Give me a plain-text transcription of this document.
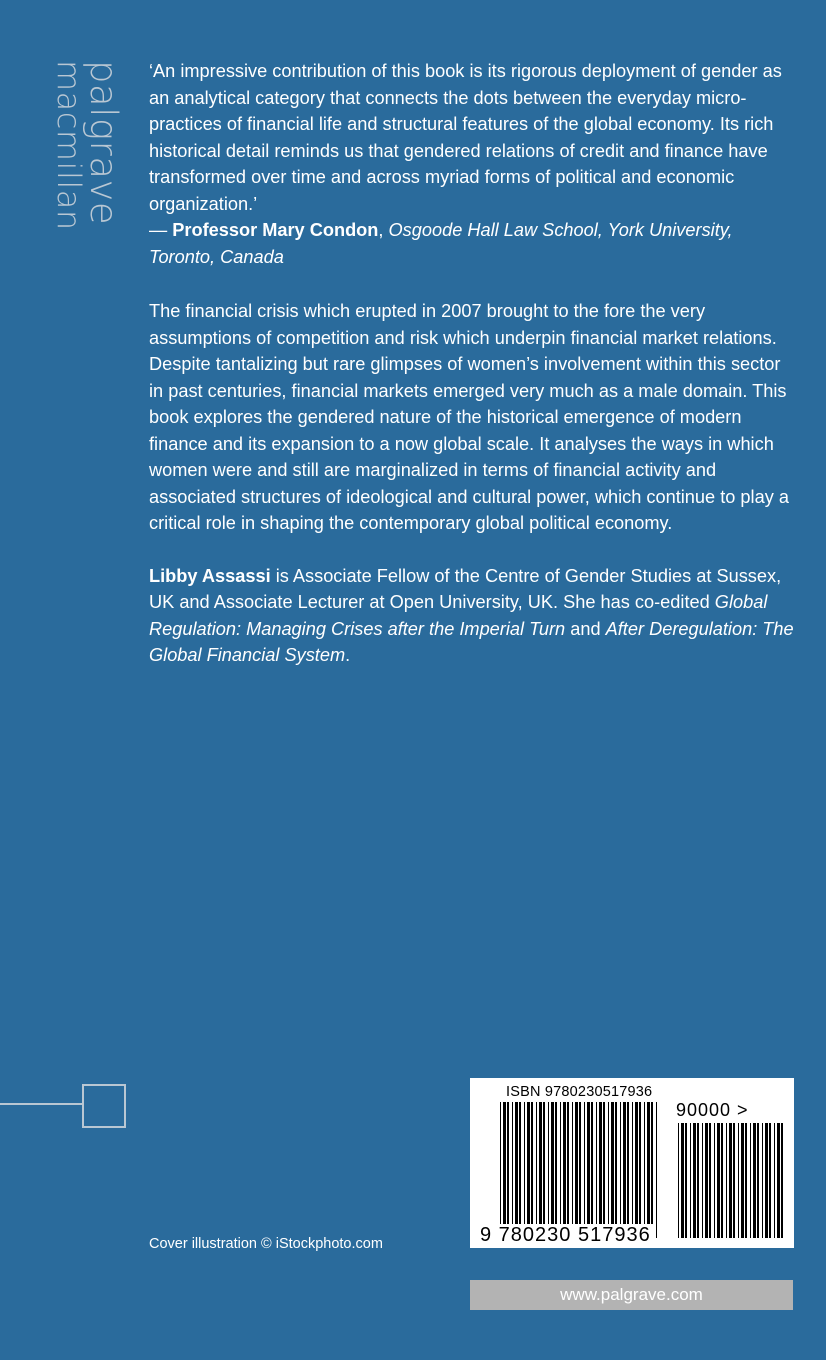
palgrave
macmillan	‘An impressive contribution of this book is its rigorous deployment of gender as an analytical category that connects the dots between the everyday micro-practices of financial life and structural features of the global economy. Its rich historical detail reminds us that gendered relations of credit and finance have transformed over time and across myriad forms of political and economic organization.’
— Professor Mary Condon, Osgoode Hall Law School, York University, Toronto, Canada

The financial crisis which erupted in 2007 brought to the fore the very assumptions of competition and risk which underpin financial market relations. Despite tantalizing but rare glimpses of women’s involvement within this sector in past centuries, financial markets emerged very much as a male domain. This book explores the gendered nature of the historical emergence of modern finance and its expansion to a now global scale. It analyses the ways in which women were and still are marginalized in terms of financial activity and associated structures of ideological and cultural power, which continue to play a critical role in shaping the contemporary global political economy.

Libby Assassi is Associate Fellow of the Centre of Gender Studies at Sussex, UK and Associate Lecturer at Open University, UK. She has co-edited Global Regulation: Managing Crises after the Imperial Turn and After Deregulation: The Global Financial System.

Cover illustration © iStockphoto.com
ISBN 9780230517936
90000 >
9 780230 517936
www.palgrave.com
